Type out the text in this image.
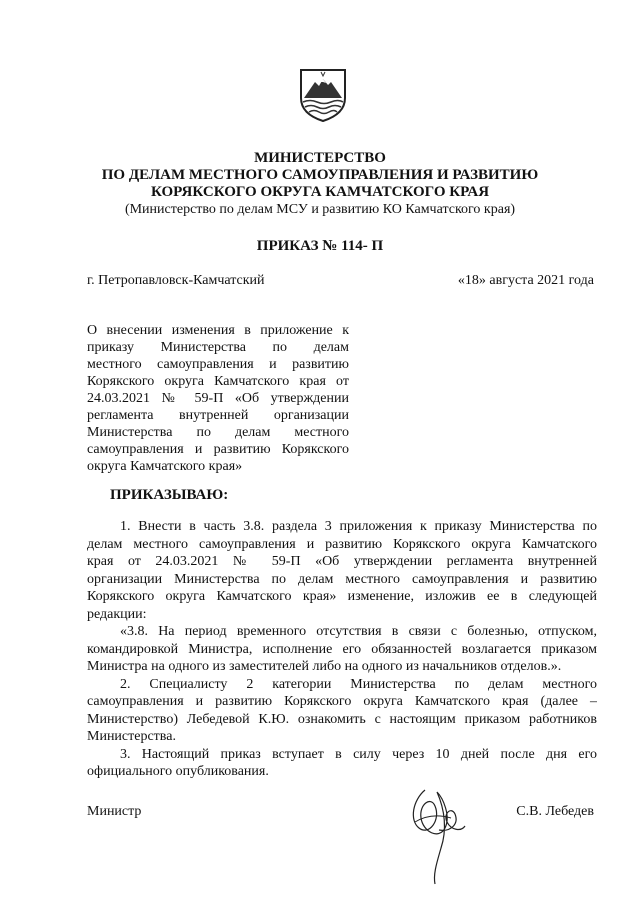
МИНИСТЕРСТВО
ПО ДЕЛАМ МЕСТНОГО САМОУПРАВЛЕНИЯ И РАЗВИТИЮ
КОРЯКСКОГО ОКРУГА КАМЧАТСКОГО КРАЯ
(Министерство по делам МСУ и развитию КО Камчатского края)
ПРИКАЗ № 114- П
г. Петропавловск-Камчатский	«18» августа 2021 года
О внесении изменения в приложение к
приказу Министерства по делам
местного самоуправления и развитию
Корякского округа Камчатского края от
24.03.2021 № 59-П «Об утверждении
регламента внутренней организации
Министерства по делам местного
самоуправления и развитию Корякского
округа Камчатского края»
ПРИКАЗЫВАЮ:
1. Внести в часть 3.8. раздела 3 приложения к приказу Министерства по
делам местного самоуправления и развитию Корякского округа Камчатского
края от 24.03.2021 № 59-П «Об утверждении регламента внутренней
организации Министерства по делам местного самоуправления и развитию
Корякского округа Камчатского края» изменение, изложив ее в следующей
редакции:
«3.8. На период временного отсутствия в связи с болезнью, отпуском,
командировкой Министра, исполнение его обязанностей возлагается приказом
Министра на одного из заместителей либо на одного из начальников отделов.».
2. Специалисту 2 категории Министерства по делам местного
самоуправления и развитию Корякского округа Камчатского края (далее –
Министерство) Лебедевой К.Ю. ознакомить с настоящим приказом работников
Министерства.
3. Настоящий приказ вступает в силу через 10 дней после дня его
официального опубликования.
Министр	С.В. Лебедев
